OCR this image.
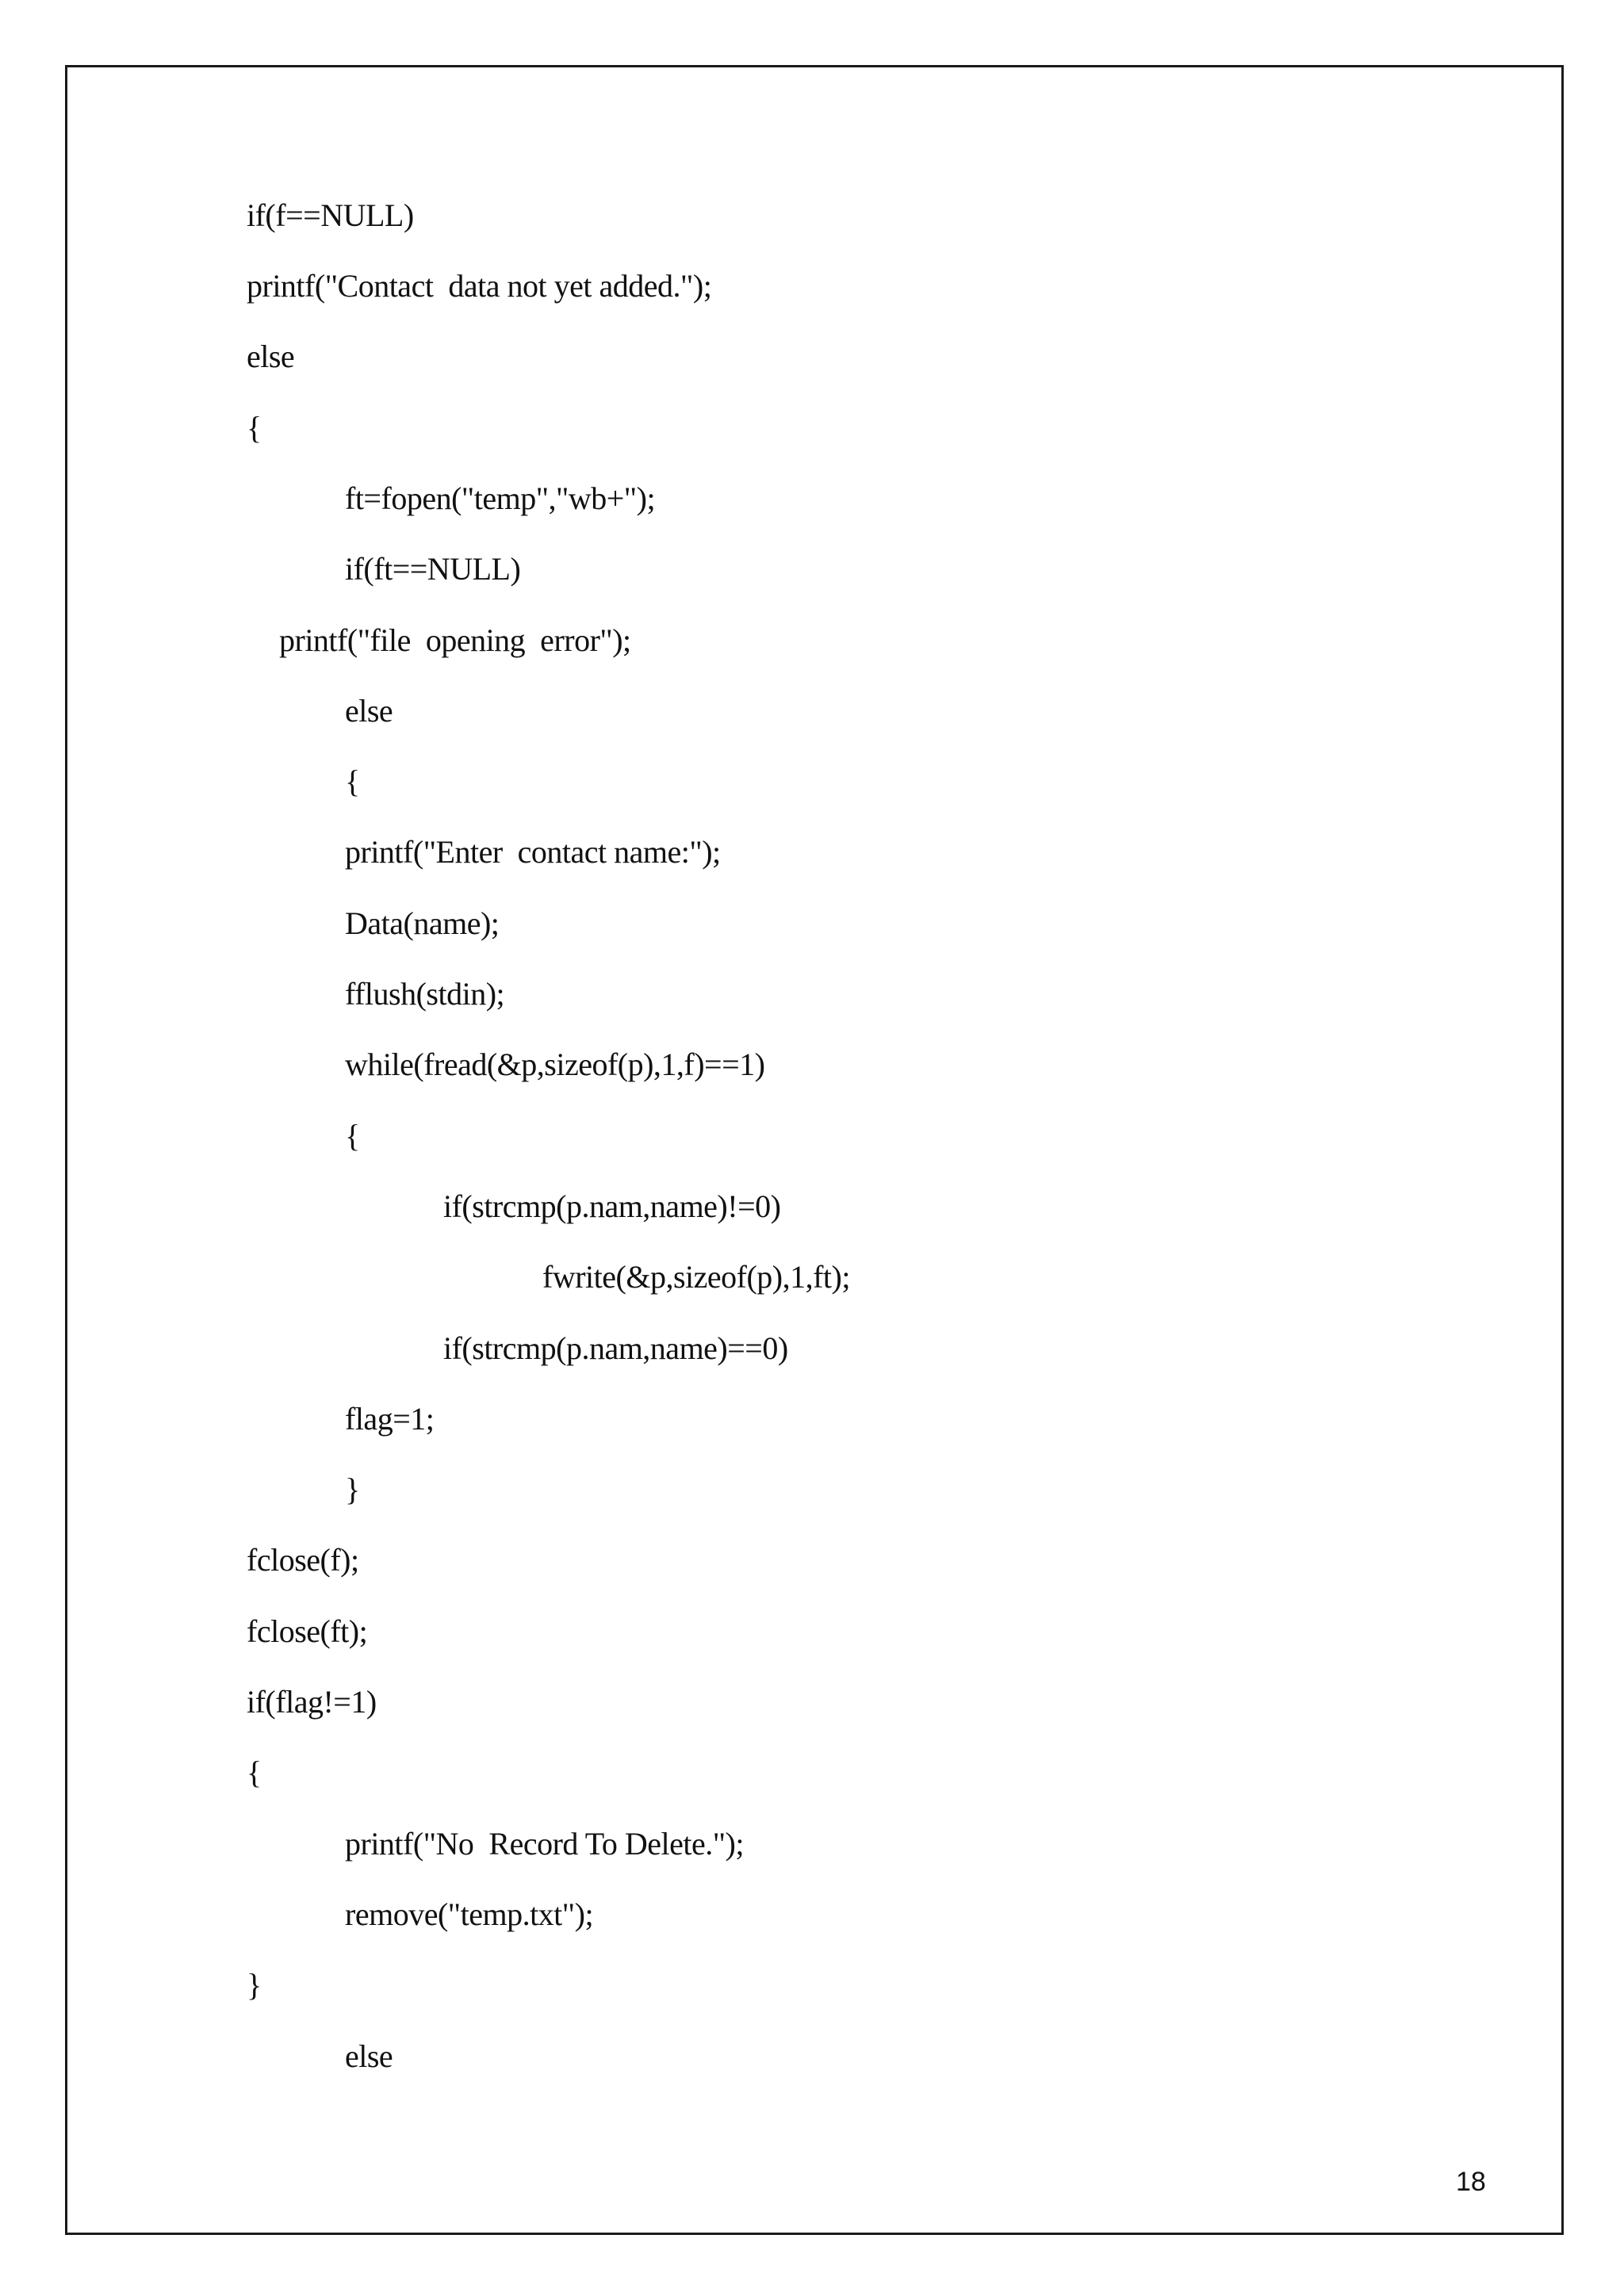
if(f==NULL)
printf("Contact  data not yet added.");
else
{
ft=fopen("temp","wb+");
if(ft==NULL)
printf("file  opening  error");
else
{
printf("Enter  contact name:");
Data(name);
fflush(stdin);
while(fread(&p,sizeof(p),1,f)==1)
{
if(strcmp(p.nam,name)!=0)
fwrite(&p,sizeof(p),1,ft);
if(strcmp(p.nam,name)==0)
flag=1;
}
fclose(f);
fclose(ft);
if(flag!=1)
{
printf("No  Record To Delete.");
remove("temp.txt");
}
else
18
